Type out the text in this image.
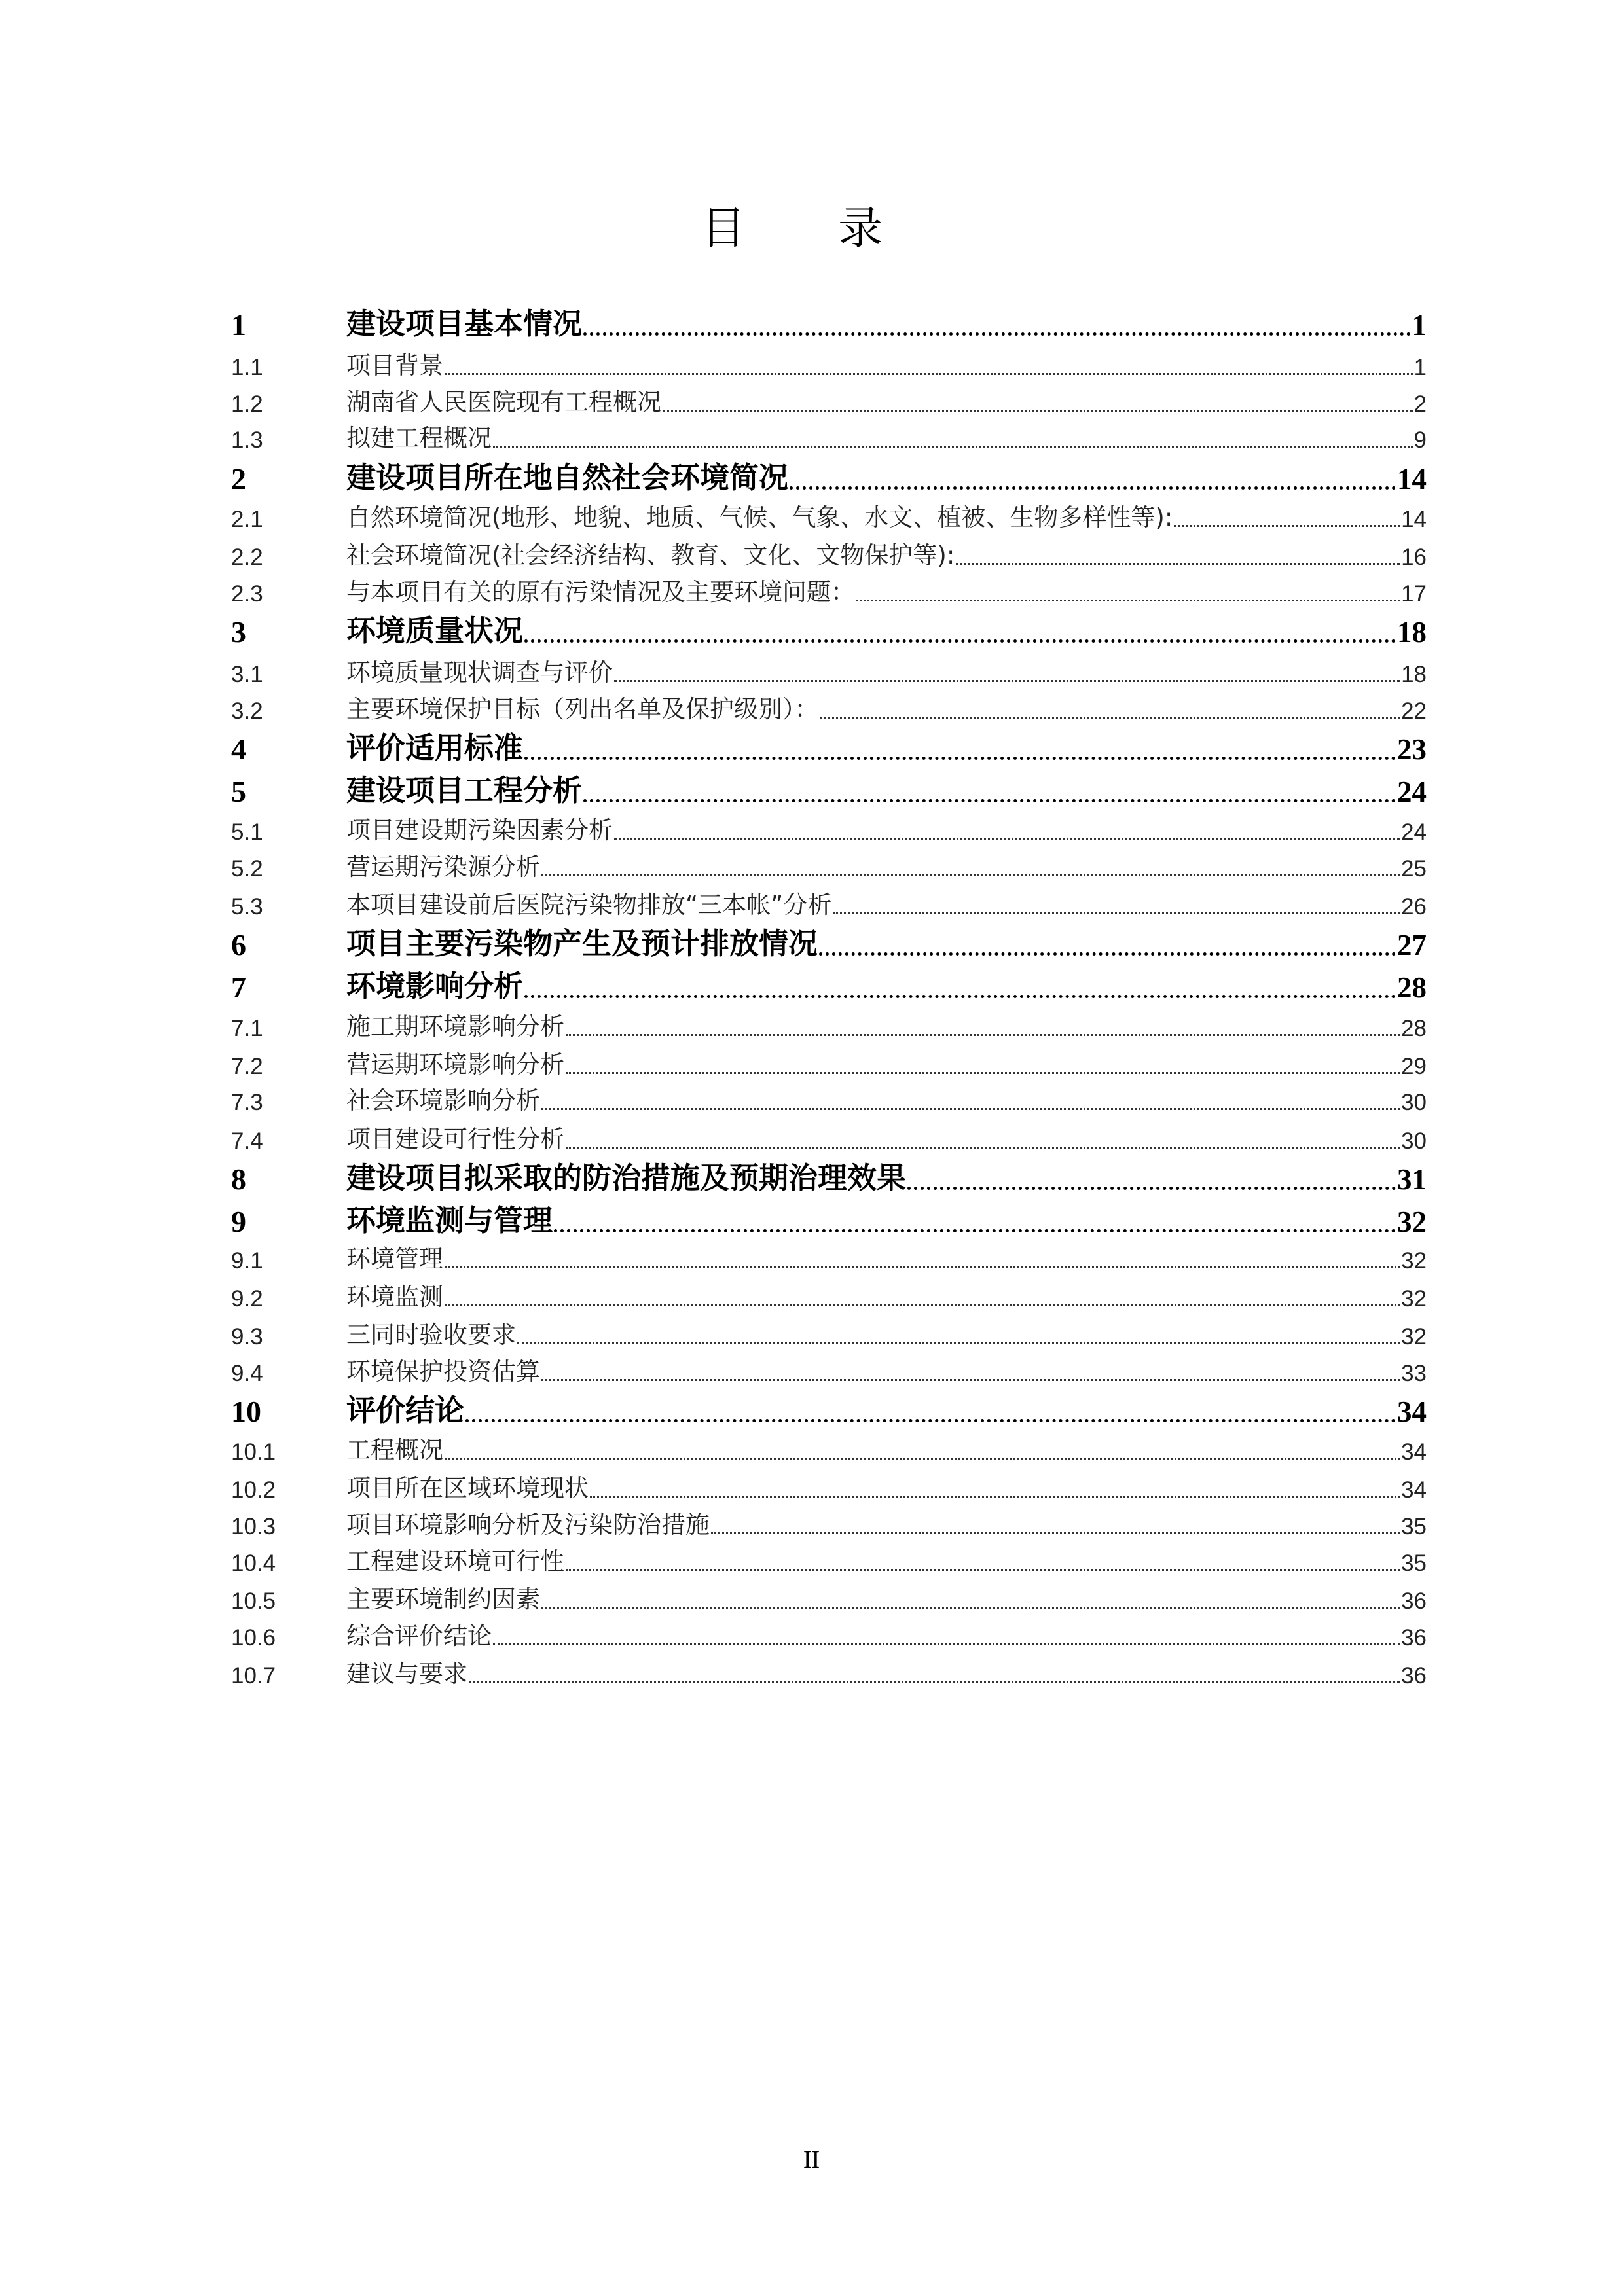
目 录
1	建设项目基本情况	1
1.1	项目背景	1
1.2	湖南省人民医院现有工程概况	2
1.3	拟建工程概况	9
2	建设项目所在地自然社会环境简况	14
2.1	自然环境简况(地形、地貌、地质、气候、气象、水文、植被、生物多样性等):	14
2.2	社会环境简况(社会经济结构、教育、文化、文物保护等):	16
2.3	与本项目有关的原有污染情况及主要环境问题：	17
3	环境质量状况	18
3.1	环境质量现状调查与评价	18
3.2	主要环境保护目标（列出名单及保护级别）：	22
4	评价适用标准	23
5	建设项目工程分析	24
5.1	项目建设期污染因素分析	24
5.2	营运期污染源分析	25
5.3	本项目建设前后医院污染物排放“三本帐”分析	26
6	项目主要污染物产生及预计排放情况	27
7	环境影响分析	28
7.1	施工期环境影响分析	28
7.2	营运期环境影响分析	29
7.3	社会环境影响分析	30
7.4	项目建设可行性分析	30
8	建设项目拟采取的防治措施及预期治理效果	31
9	环境监测与管理	32
9.1	环境管理	32
9.2	环境监测	32
9.3	三同时验收要求	32
9.4	环境保护投资估算	33
10	评价结论	34
10.1	工程概况	34
10.2	项目所在区域环境现状	34
10.3	项目环境影响分析及污染防治措施	35
10.4	工程建设环境可行性	35
10.5	主要环境制约因素	36
10.6	综合评价结论	36
10.7	建议与要求	36
II
